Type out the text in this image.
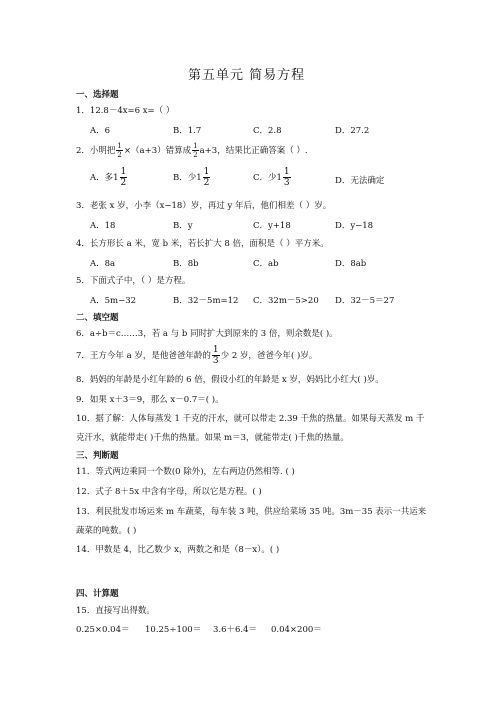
第五单元 简易方程
一、选择题
1．12.8－4x=6 x=（ ）
A．6	B．1.7	C．2.8	D．27.2
2．小明把 $\frac{1}{2} \times(a+3)$错算成 $\frac{1}{2} a+3$，结果比正确答案（ ）.
A．多$1 \frac{1}{2}$	B．少$1 \frac{1}{2}$	C．少$1 \frac{1}{3}$	D．无法确定
3．老张 x 岁，小李（x−18）岁，再过 y 年后，他们相差（ ）岁。
A．18	B．y	C．y+18	D．y−18
4．长方形长 a 米，宽 b 米，若长扩大 8 倍，面积是（ ）平方米。
A．8a	B．8b	C．ab	D．8ab
5．下面式子中，（ ）是方程。
A．5m−32	B．32－5m=12 C．32m－5>20 D．32－5＝27
二、填空题
6．a÷b＝c……3，若 a 与 b 同时扩大到原来的 3 倍，则余数是( )。
7．王方今年 a 岁，是他爸爸年龄的 $\frac{1}{3}$ 少 2 岁，爸爸今年( )岁。
8．妈妈的年龄是小红年龄的 6 倍，假设小红的年龄是 x 岁，妈妈比小红大( )岁。
9．如果 x＋3＝9，那么 x－0.7＝( )。
10．据了解：人体每蒸发 1 千克的汗水，就可以带走 2.39 千焦的热量。如果每天蒸发 m 千
克汗水，就能带走( )千焦的热量。如果 m＝3，就能带走( )千焦的热量。
三、判断题
11．等式两边乘同一个数(0 除外)，左右两边仍然相等. ( )
12．式子 8＋5x 中含有字母，所以它是方程。( )
13．利民批发市场运来 m 车蔬菜，每车装 3 吨，供应给菜场 35 吨。3m－35 表示一共运来
蔬菜的吨数。( )
14．甲数是 4，比乙数少 x，两数之和是（8－x）。( )
四、计算题
15．直接写出得数。
0.25×0.04＝ 10.25÷100＝ 3.6＋6.4＝ 0.04×200＝
